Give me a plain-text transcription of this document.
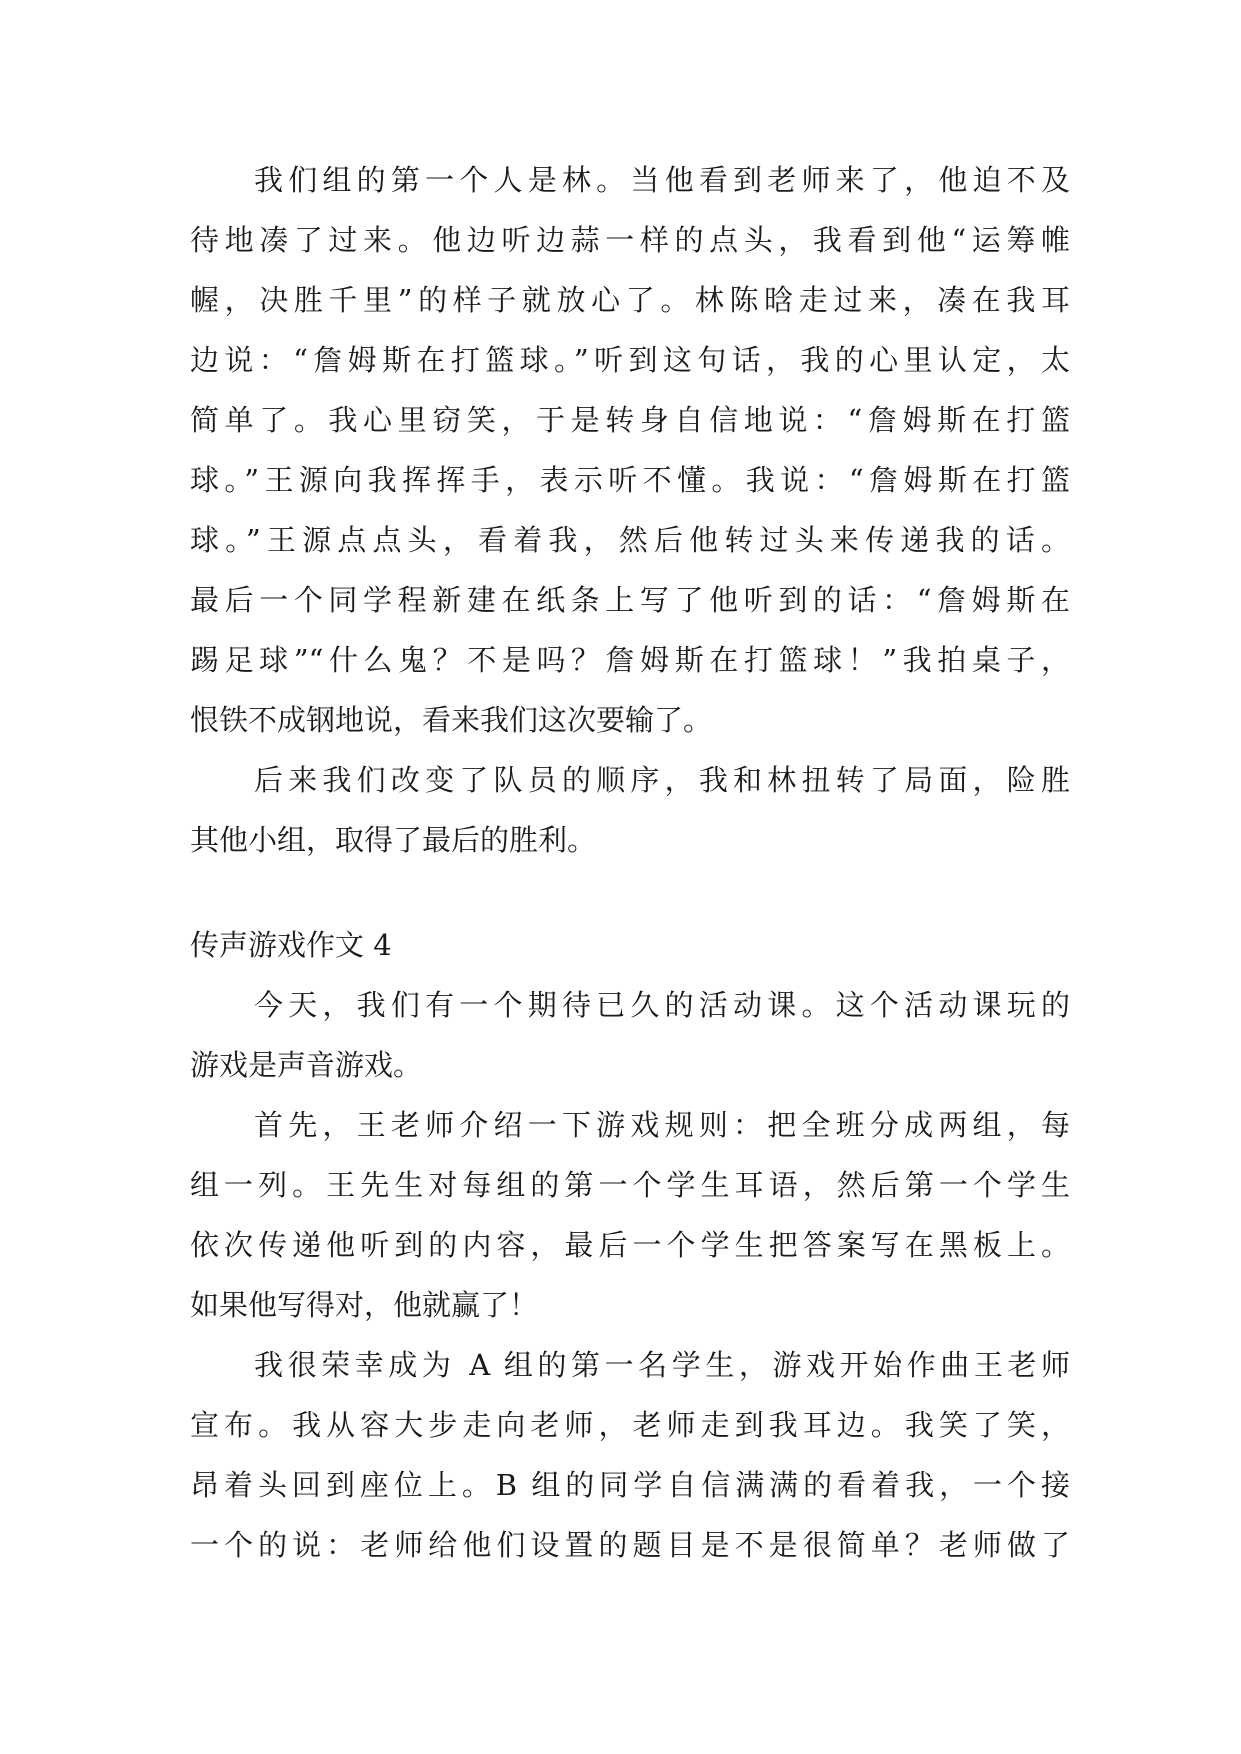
我们组的第一个人是林。当他看到老师来了，他迫不及
待地凑了过来。他边听边蒜一样的点头，我看到他“运筹帷
幄，决胜千里”的样子就放心了。林陈晗走过来，凑在我耳
边说：“詹姆斯在打篮球。”听到这句话，我的心里认定，太
简单了。我心里窃笑，于是转身自信地说：“詹姆斯在打篮
球。”王源向我挥挥手，表示听不懂。我说：“詹姆斯在打篮
球。”王源点点头，看着我，然后他转过头来传递我的话。
最后一个同学程新建在纸条上写了他听到的话：“詹姆斯在
踢足球”“什么鬼？不是吗？詹姆斯在打篮球！”我拍桌子，
恨铁不成钢地说，看来我们这次要输了。
后来我们改变了队员的顺序，我和林扭转了局面，险胜
其他小组，取得了最后的胜利。
传声游戏作文 4
今天，我们有一个期待已久的活动课。这个活动课玩的
游戏是声音游戏。
首先，王老师介绍一下游戏规则：把全班分成两组，每
组一列。王先生对每组的第一个学生耳语，然后第一个学生
依次传递他听到的内容，最后一个学生把答案写在黑板上。
如果他写得对，他就赢了！
我很荣幸成为 A 组的第一名学生，游戏开始作曲王老师
宣布。我从容大步走向老师，老师走到我耳边。我笑了笑，
昂着头回到座位上。B 组的同学自信满满的看着我，一个接
一个的说：老师给他们设置的题目是不是很简单？老师做了
